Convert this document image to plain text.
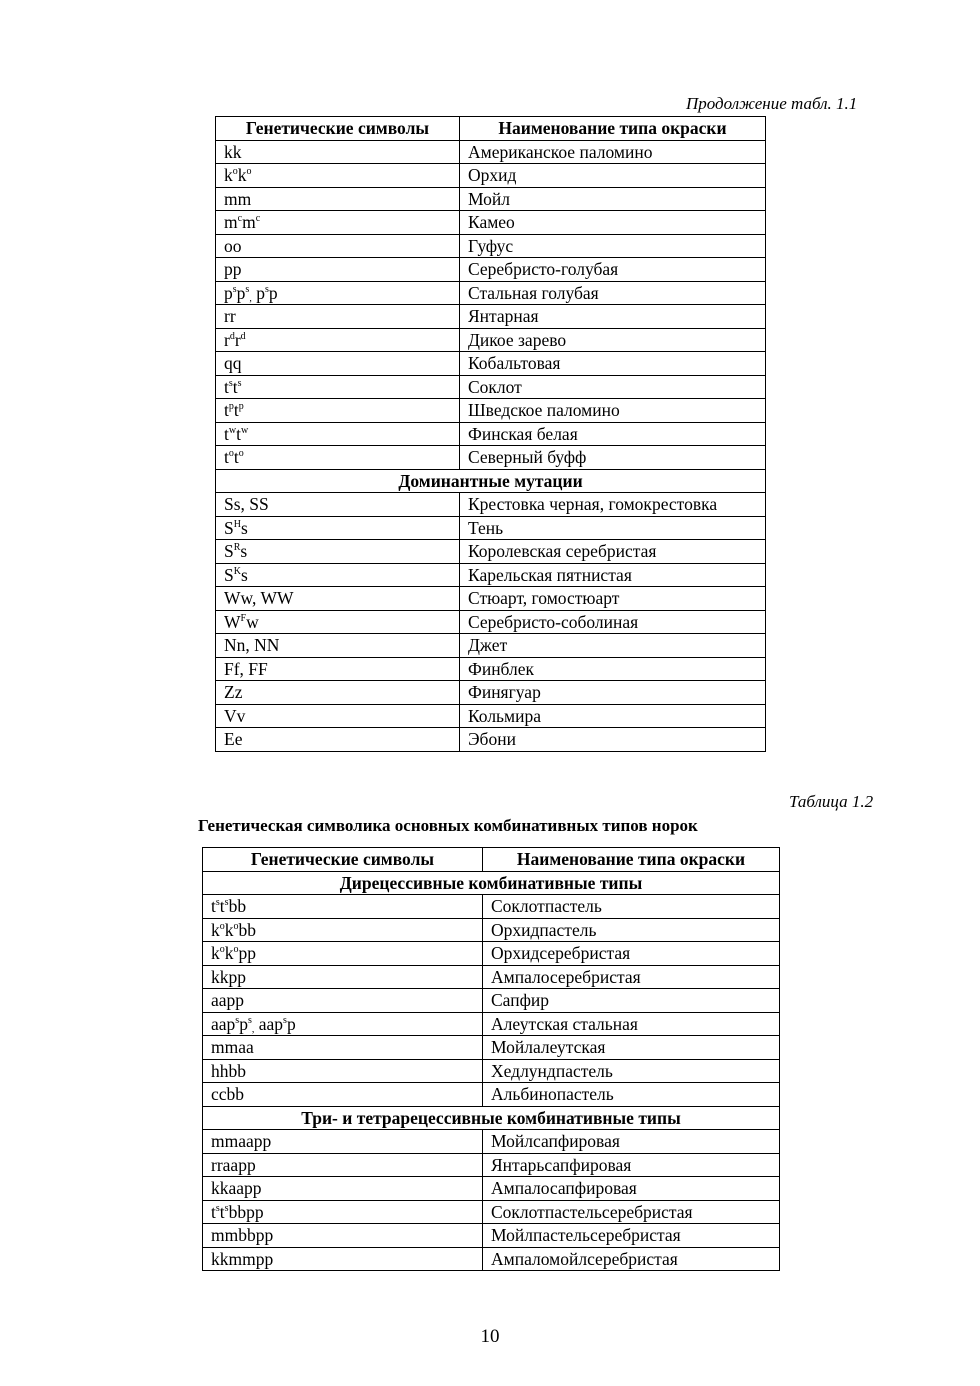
Продолжение табл. 1.1
Генетические символы	Наименование типа окраски
kk	Американское паломино
$k^ok^o$	Орхид
mm	Мойл
$m^cm^c$	Камео
oo	Гуфус
pp	Серебристо-голубая
$p^sp^s_,$ $p^sp$	Стальная голубая
rr	Янтарная
$r^dr^d$	Дикое зарево
qq	Кобальтовая
$t^st^s$	Соклот
$t^pt^p$	Шведское паломино
$t^wt^w$	Финская белая
$t^ot^o$	Северный буфф
Доминантные мутации	
Ss, SS	Крестовка черная, гомокрестовка
$S^Hs$	Тень
$S^Rs$	Королевская серебристая
$S^Ks$	Карельская пятнистая
Ww, WW	Стюарт, гомостюарт
$W^Fw$	Серебристо-соболиная
Nn, NN	Джет
Ff, FF	Финблек
Zz	Финягуар
Vv	Кольмира
Ee	Эбони
Таблица 1.2
Генетическая символика основных комбинативных типов норок
Генетические символы	Наименование типа окраски
Дирецессивные комбинативные типы	
$t^st^sbb$	Соклотпастель
$k^ok^obb$	Орхидпастель
$k^ok^opp$	Орхидсеребристая
kkpp	Ампалосеребристая
aapp	Сапфир
$aap^sp^s_,$ aap$^s$p	Алеутская стальная
mmaa	Мойлалеутская
hhbb	Хедлундпастель
ccbb	Альбинопастель
Три- и тетрарецессивные комбинативные типы	
mmaapp	Мойлсапфировая
rraapp	Янтарьсапфировая
kkaapp	Ампалосапфировая
$t^st^sbbpp$	Соклотпастельсеребристая
mmbbpp	Мойлпастельсеребристая
kkmmpp	Ампаломойлсеребристая
10
